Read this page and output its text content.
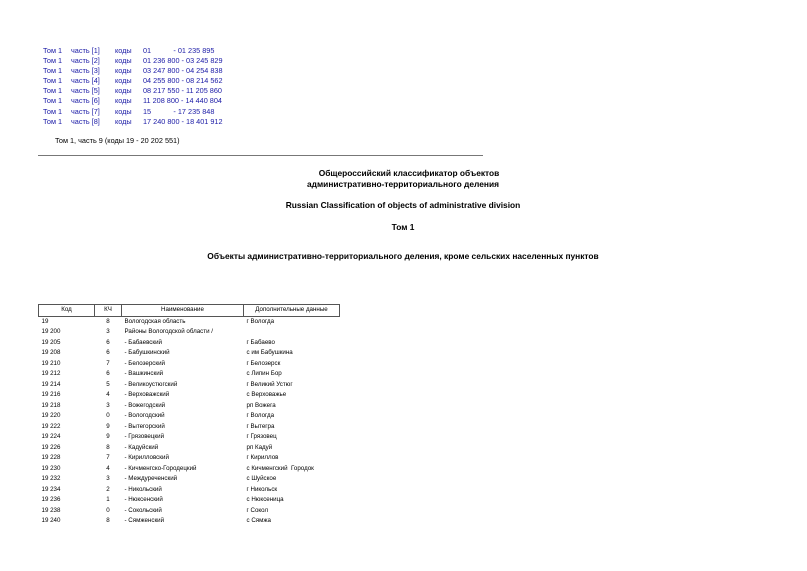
Том 1 часть [1] коды 01           - 01 235 895
Том 1 часть [2] коды 01 236 800 - 03 245 829
Том 1 часть [3] коды 03 247 800 - 04 254 838
Том 1 часть [4] коды 04 255 800 - 08 214 562
Том 1 часть [5] коды 08 217 550 - 11 205 860
Том 1 часть [6] коды 11 208 800 - 14 440 804
Том 1 часть [7] коды 15           - 17 235 848
Том 1 часть [8] коды 17 240 800 - 18 401 912
Том 1, часть 9 (коды 19 - 20 202 551)
Общероссийский классификатор объектов
административно-территориального деления
Russian Classification of objects of administrative division
Том 1
Объекты административно-территориального деления, кроме сельских населенных пунктов
Код	КЧ	Наименование	Дополнительные данные
19	8	Вологодская область	г Вологда
19 200	3	Районы Вологодской области /	
19 205	6	- Бабаевский	г Бабаево
19 208	6	- Бабушкинский	с им Бабушкина
19 210	7	- Белозерский	г Белозерск
19 212	6	- Вашкинский	с Липин Бор
19 214	5	- Великоустюгский	г Великий Устюг
19 216	4	- Верховажский	с Верховажье
19 218	3	- Вожегодский	рп Вожега
19 220	0	- Вологодский	г Вологда
19 222	9	- Вытегорский	г Вытегра
19 224	9	- Грязовецкий	г Грязовец
19 226	8	- Кадуйский	рп Кадуй
19 228	7	- Кирилловский	г Кириллов
19 230	4	- Кичменгско-Городецкий	с Кичменгский  Городок
19 232	3	- Междуреченский	с Шуйское
19 234	2	- Никольский	г Никольск
19 236	1	- Нюксенский	с Нюксеница
19 238	0	- Сокольский	г Сокол
19 240	8	- Сямженский	с Сямжа
